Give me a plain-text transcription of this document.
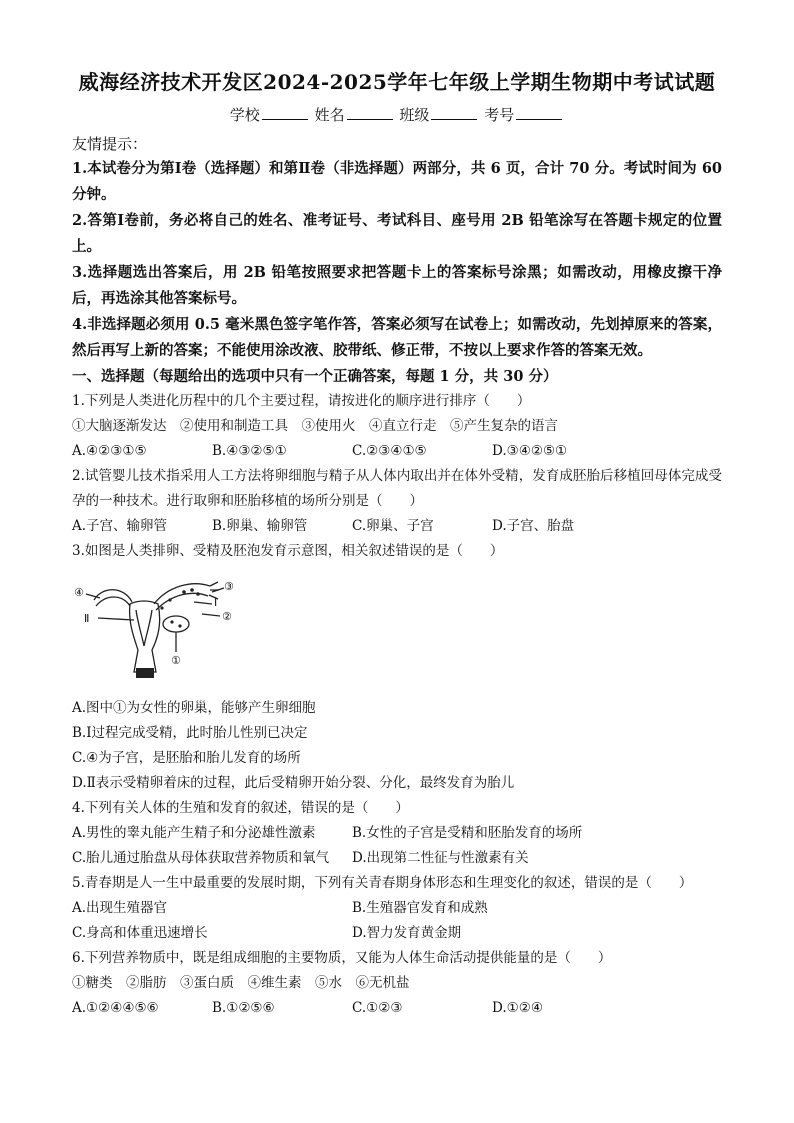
威海经济技术开发区2024-2025学年七年级上学期生物期中考试试题
学校	姓名	班级	考号
友情提示：
1.本试卷分为第Ⅰ卷（选择题）和第Ⅱ卷（非选择题）两部分，共 6 页，合计 70 分。考试时间为 60 分钟。
2.答第Ⅰ卷前，务必将自己的姓名、准考证号、考试科目、座号用 2B 铅笔涂写在答题卡规定的位置上。
3.选择题选出答案后，用 2B 铅笔按照要求把答题卡上的答案标号涂黑；如需改动，用橡皮擦干净后，再选涂其他答案标号。
4.非选择题必须用 0.5 毫米黑色签字笔作答，答案必须写在试卷上；如需改动，先划掉原来的答案，然后再写上新的答案；不能使用涂改液、胶带纸、修正带，不按以上要求作答的答案无效。
一、选择题（每题给出的选项中只有一个正确答案，每题 1 分，共 30 分）
1.下列是人类进化历程中的几个主要过程，请按进化的顺序进行排序（　　）
①大脑逐渐发达　②使用和制造工具　③使用火　④直立行走　⑤产生复杂的语言
A.④②③①⑤	B.④③②⑤①	C.②③④①⑤	D.③④②⑤①
2.试管婴儿技术指采用人工方法将卵细胞与精子从人体内取出并在体外受精，发育成胚胎后移植回母体完成受孕的一种技术。进行取卵和胚胎移植的场所分别是（　　）
A.子宫、输卵管	B.卵巢、输卵管	C.卵巢、子宫	D.子宫、胎盘
3.如图是人类排卵、受精及胚泡发育示意图，相关叙述错误的是（　　）
④	③
Ⅰ
②
Ⅱ
①
A.图中①为女性的卵巢，能够产生卵细胞
B.Ⅰ过程完成受精，此时胎儿性别已决定
C.④为子宫，是胚胎和胎儿发育的场所
D.Ⅱ表示受精卵着床的过程，此后受精卵开始分裂、分化，最终发育为胎儿
4.下列有关人体的生殖和发育的叙述，错误的是（　　）
A.男性的睾丸能产生精子和分泌雄性激素	B.女性的子宫是受精和胚胎发育的场所
C.胎儿通过胎盘从母体获取营养物质和氧气	D.出现第二性征与性激素有关
5.青春期是人一生中最重要的发展时期，下列有关青春期身体形态和生理变化的叙述，错误的是（　　）
A.出现生殖器官	B.生殖器官发育和成熟
C.身高和体重迅速增长	D.智力发育黄金期
6.下列营养物质中，既是组成细胞的主要物质，又能为人体生命活动提供能量的是（　　）
①糖类　②脂肪　③蛋白质　④维生素　⑤水　⑥无机盐
A.①②④④⑤⑥	B.①②⑤⑥	C.①②③	D.①②④
